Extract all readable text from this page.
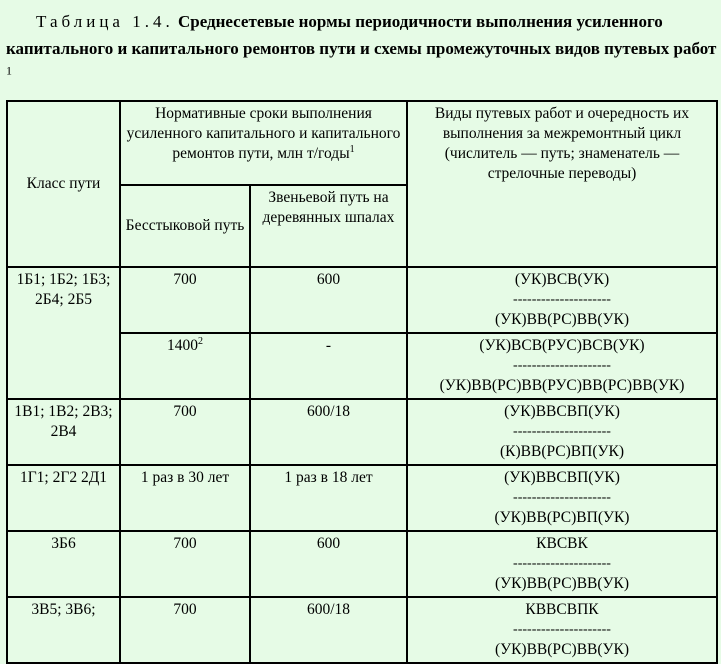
Таблица 1.4. Среднесетевые нормы периодичности выполнения усиленного капитального и капитального ремонтов пути и схемы промежуточных видов путевых работ $^1$
Класс пути	Нормативные сроки выполнения усиленного капитального и капитального ремонтов пути, млн т/годы$^1$		Виды путевых работ и очередность их выполнения за межремонтный цикл (числитель — путь; знаменатель — стрелочные переводы)
	Бесстыковой путь	Звеньевой путь на деревянных шпалах	
1Б1; 1Б2; 1Б3; 2Б4; 2Б5	700	600	(УК)ВСВ(УК)
---------------------
(УК)ВВ(РС)ВВ(УК)

	1400$^2$	-	(УК)ВСВ(РУС)ВСВ(УК)
---------------------
(УК)ВВ(РС)ВВ(РУС)ВВ(РС)ВВ(УК)

1В1; 1В2; 2В3; 2В4	700	600/18	(УК)ВВСВП(УК)
---------------------
(К)ВВ(РС)ВП(УК)

1Г1; 2Г2 2Д1	1 раз в 30 лет	1 раз в 18 лет	(УК)ВВСВП(УК)
---------------------
(УК)ВВ(РС)ВП(УК)

3Б6	700	600	КВСВК
---------------------
(УК)ВВ(РС)ВВ(УК)

3В5; 3В6;	700	600/18	КВВСВПК
---------------------
(УК)ВВ(РС)ВВ(УК)
